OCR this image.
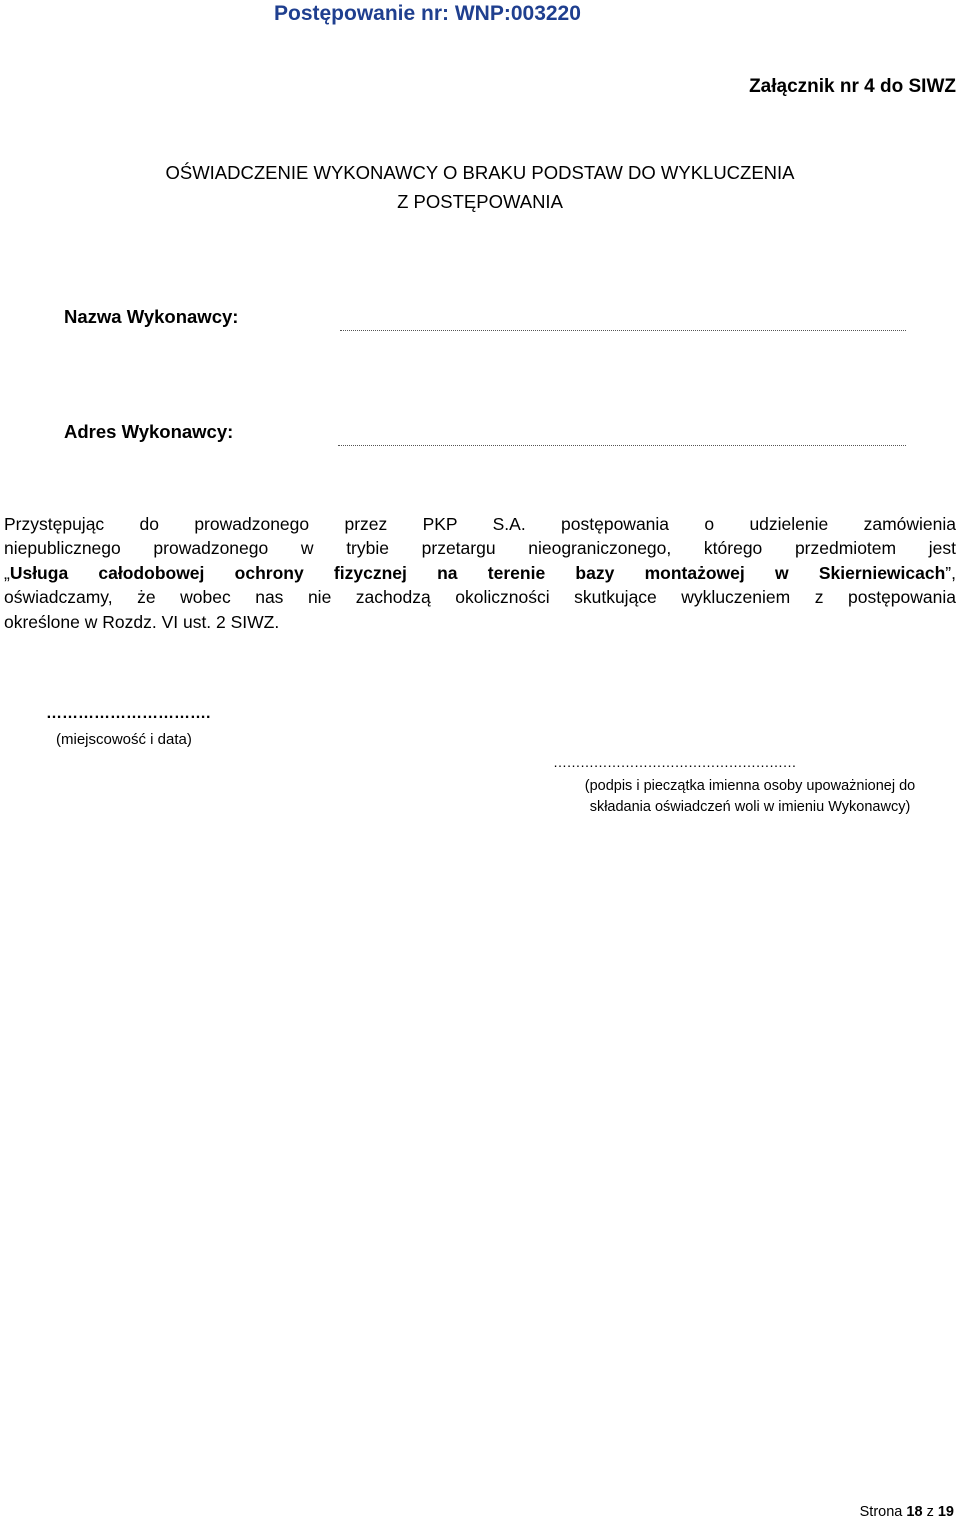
Postępowanie nr: WNP:003220
Załącznik nr 4 do SIWZ
OŚWIADCZENIE WYKONAWCY O BRAKU PODSTAW DO WYKLUCZENIA
Z POSTĘPOWANIA
Nazwa Wykonawcy:
Adres Wykonawcy:
Przystępując do prowadzonego przez PKP S.A. postępowania o udzielenie zamówienia
niepublicznego prowadzonego w trybie przetargu nieograniczonego, którego przedmiotem jest
„Usługa całodobowej ochrony fizycznej na terenie bazy montażowej w Skierniewicach”,
oświadczamy, że wobec nas nie zachodzą okoliczności skutkujące wykluczeniem z postępowania
określone w Rozdz. VI ust. 2 SIWZ.
………………………….
(miejscowość i data)
………………………………………………
(podpis i pieczątka imienna osoby upoważnionej do
składania oświadczeń woli w imieniu Wykonawcy)
Strona 18 z 19
